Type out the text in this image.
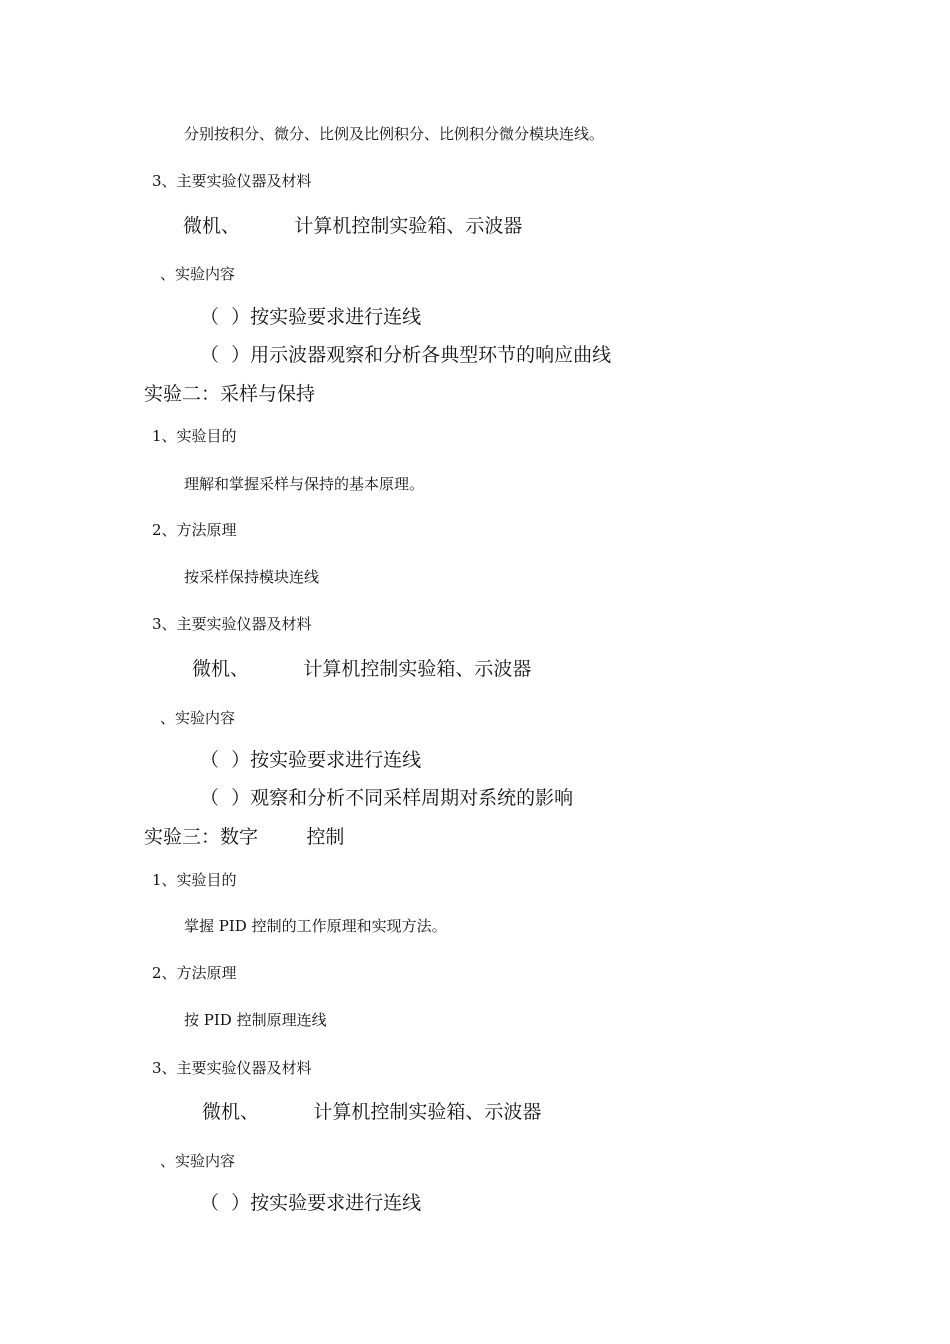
分别按积分、微分、比例及比例积分、比例积分微分模块连线。
3、主要实验仪器及材料
微机、         计算机控制实验箱、示波器
、实验内容
（  ）按实验要求进行连线
（  ）用示波器观察和分析各典型环节的响应曲线
实验二：采样与保持
1、实验目的
理解和掌握采样与保持的基本原理。
2、方法原理
按采样保持模块连线
3、主要实验仪器及材料
微机、         计算机控制实验箱、示波器
、实验内容
（  ）按实验要求进行连线
（  ）观察和分析不同采样周期对系统的影响
实验三：数字        控制
1、实验目的
掌握 PID 控制的工作原理和实现方法。
2、方法原理
按 PID 控制原理连线
3、主要实验仪器及材料
微机、         计算机控制实验箱、示波器
、实验内容
（  ）按实验要求进行连线
